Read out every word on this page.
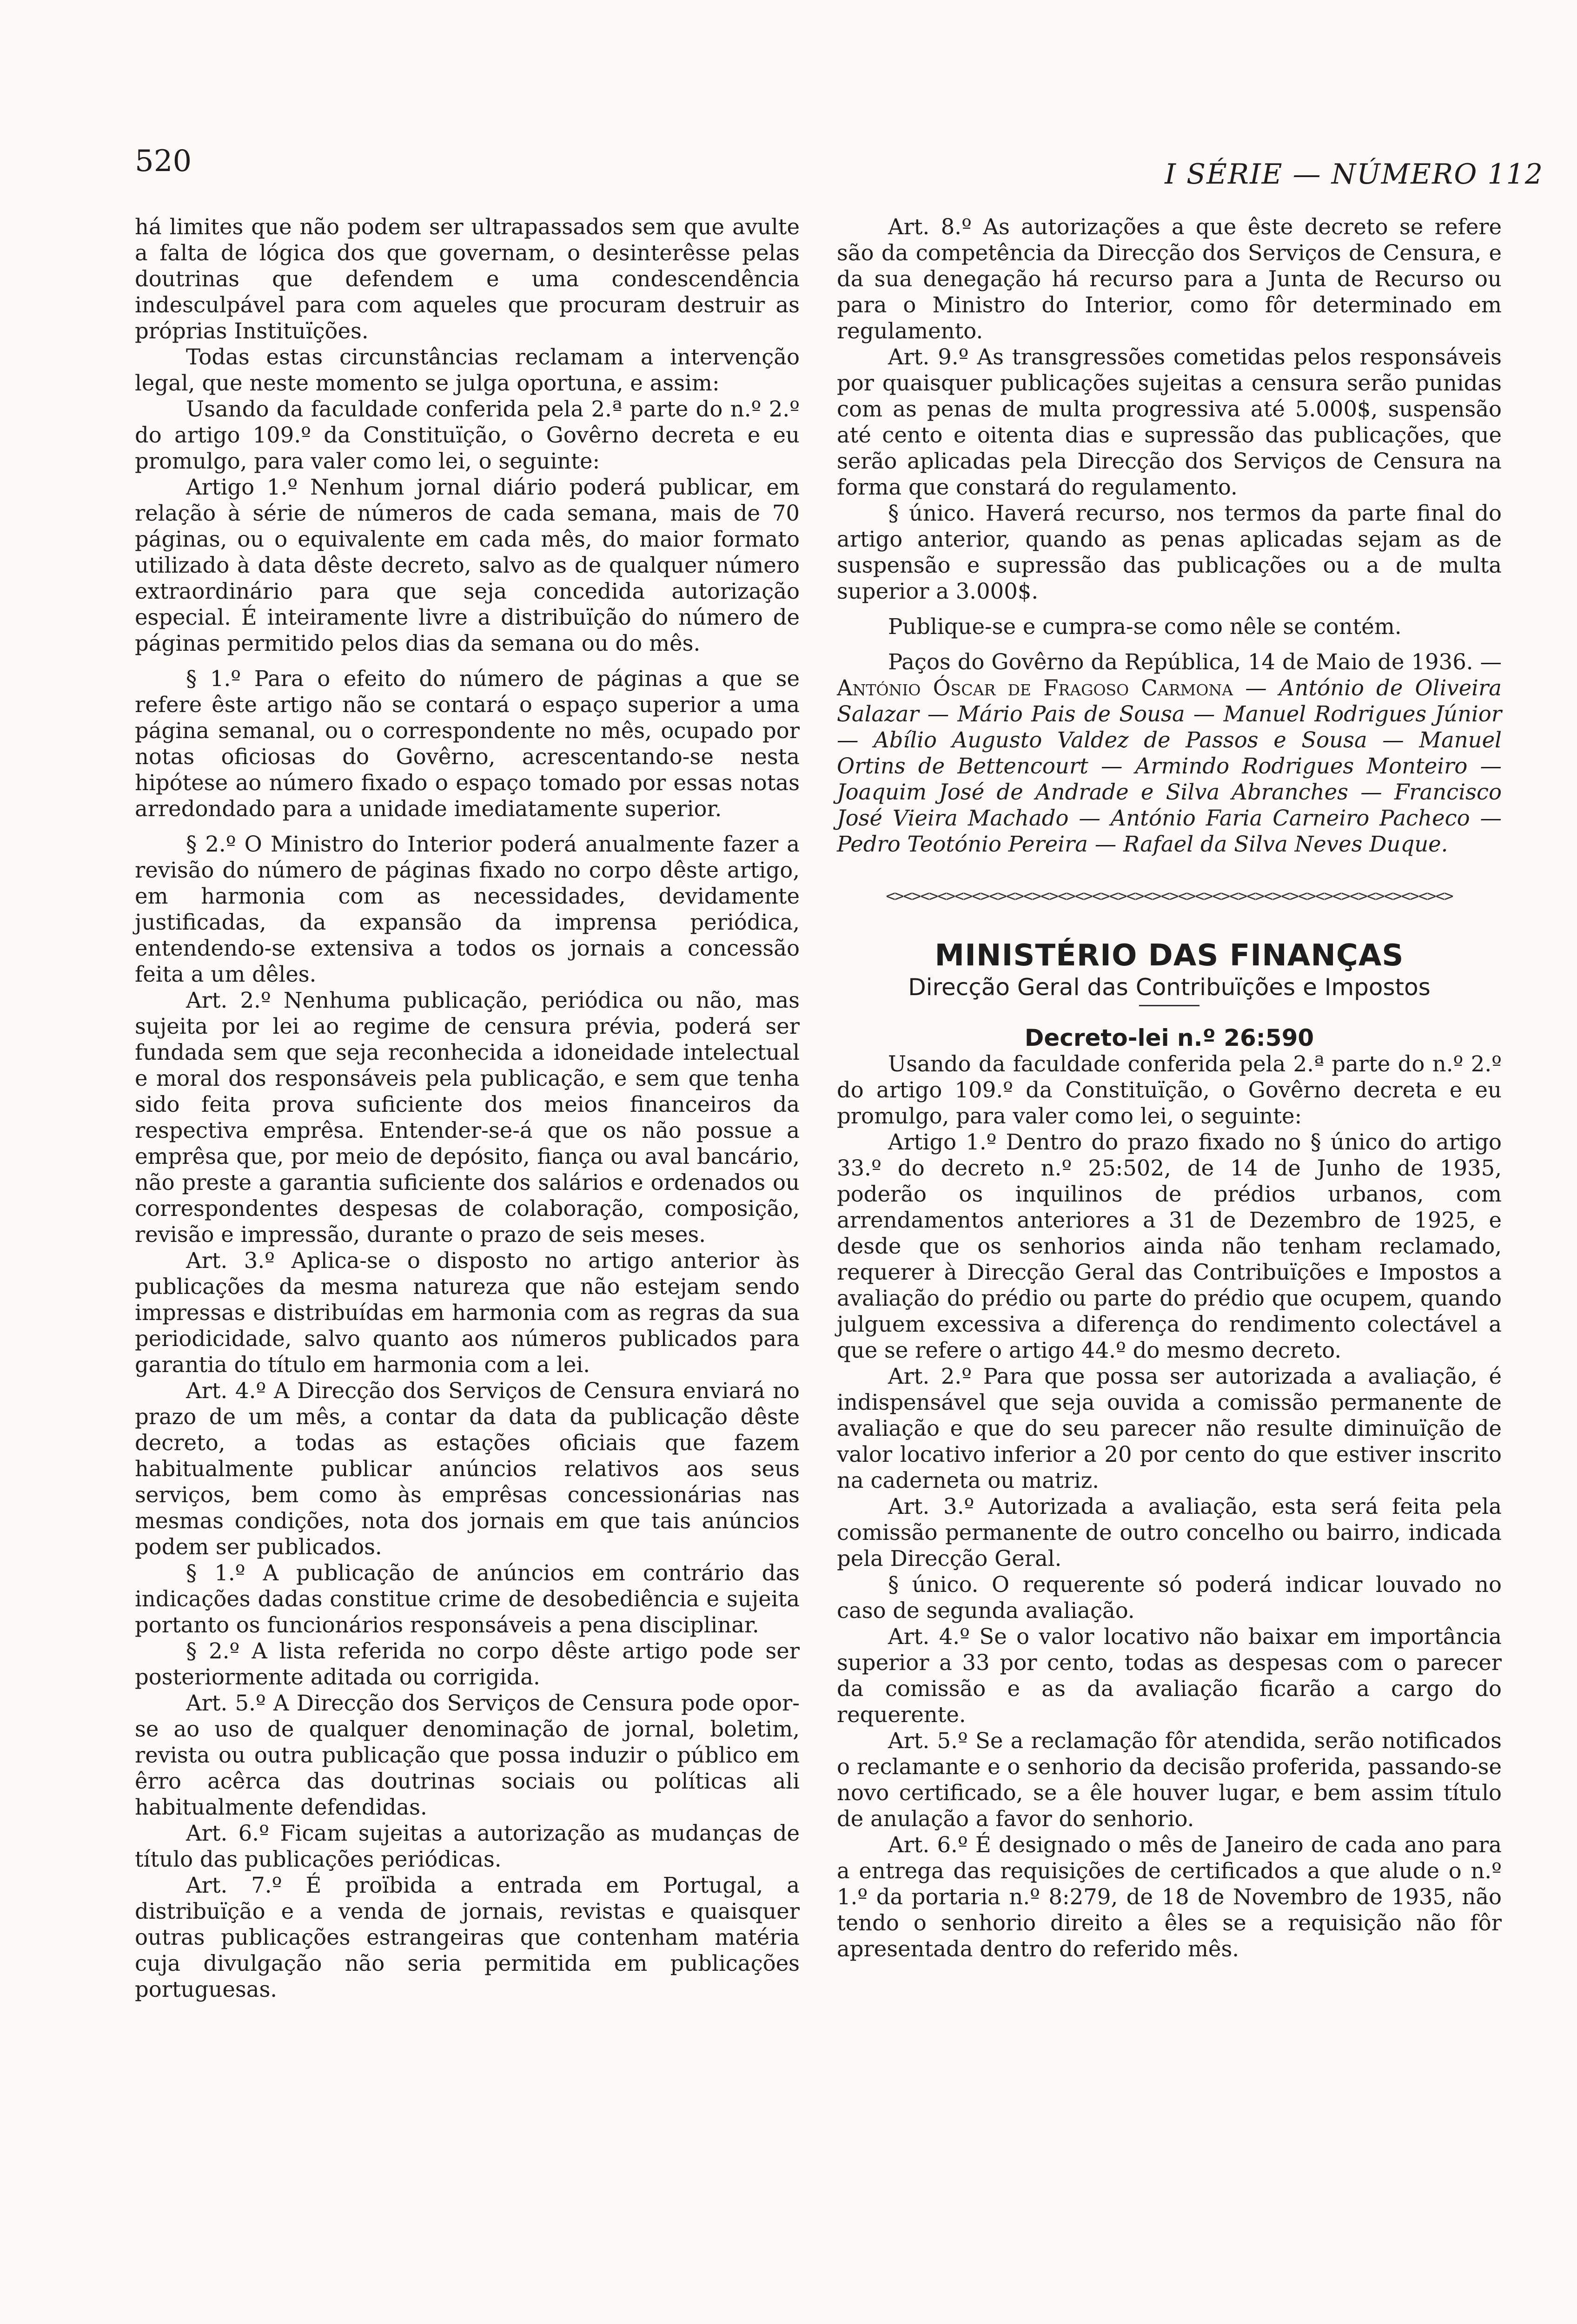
520	I SÉRIE — NÚMERO 112

há limites que não podem ser ultrapassados sem que avulte a falta de lógica dos que governam, o desinterêsse pelas doutrinas que defendem e uma condescendência indesculpável para com aqueles que procuram destruir as próprias Instituïções.

Todas estas circunstâncias reclamam a intervenção legal, que neste momento se julga oportuna, e assim:

Usando da faculdade conferida pela 2.ª parte do n.º 2.º do artigo 109.º da Constituïção, o Govêrno decreta e eu promulgo, para valer como lei, o seguinte:

Artigo 1.º Nenhum jornal diário poderá publicar, em relação à série de números de cada semana, mais de 70 páginas, ou o equivalente em cada mês, do maior formato utilizado à data dêste decreto, salvo as de qualquer número extraordinário para que seja concedida autorização especial. É inteiramente livre a distribuïção do número de páginas permitido pelos dias da semana ou do mês.

§ 1.º Para o efeito do número de páginas a que se refere êste artigo não se contará o espaço superior a uma página semanal, ou o correspondente no mês, ocupado por notas oficiosas do Govêrno, acrescentando-se nesta hipótese ao número fixado o espaço tomado por essas notas arredondado para a unidade imediatamente superior.

§ 2.º O Ministro do Interior poderá anualmente fazer a revisão do número de páginas fixado no corpo dêste artigo, em harmonia com as necessidades, devidamente justificadas, da expansão da imprensa periódica, entendendo-se extensiva a todos os jornais a concessão feita a um dêles.

Art. 2.º Nenhuma publicação, periódica ou não, mas sujeita por lei ao regime de censura prévia, poderá ser fundada sem que seja reconhecida a idoneidade intelectual e moral dos responsáveis pela publicação, e sem que tenha sido feita prova suficiente dos meios financeiros da respectiva emprêsa. Entender-se-á que os não possue a emprêsa que, por meio de depósito, fiança ou aval bancário, não preste a garantia suficiente dos salários e ordenados ou correspondentes despesas de colaboração, composição, revisão e impressão, durante o prazo de seis meses.

Art. 3.º Aplica-se o disposto no artigo anterior às publicações da mesma natureza que não estejam sendo impressas e distribuídas em harmonia com as regras da sua periodicidade, salvo quanto aos números publicados para garantia do título em harmonia com a lei.

Art. 4.º A Direcção dos Serviços de Censura enviará no prazo de um mês, a contar da data da publicação dêste decreto, a todas as estações oficiais que fazem habitualmente publicar anúncios relativos aos seus serviços, bem como às emprêsas concessionárias nas mesmas condições, nota dos jornais em que tais anúncios podem ser publicados.

§ 1.º A publicação de anúncios em contrário das indicações dadas constitue crime de desobediência e sujeita portanto os funcionários responsáveis a pena disciplinar.

§ 2.º A lista referida no corpo dêste artigo pode ser posteriormente aditada ou corrigida.

Art. 5.º A Direcção dos Serviços de Censura pode opor-se ao uso de qualquer denominação de jornal, boletim, revista ou outra publicação que possa induzir o público em êrro acêrca das doutrinas sociais ou políticas ali habitualmente defendidas.

Art. 6.º Ficam sujeitas a autorização as mudanças de título das publicações periódicas.

Art. 7.º É proïbida a entrada em Portugal, a distribuïção e a venda de jornais, revistas e quaisquer outras publicações estrangeiras que contenham matéria cuja divulgação não seria permitida em publicações portuguesas.

Art. 8.º As autorizações a que êste decreto se refere são da competência da Direcção dos Serviços de Censura, e da sua denegação há recurso para a Junta de Recurso ou para o Ministro do Interior, como fôr determinado em regulamento.

Art. 9.º As transgressões cometidas pelos responsáveis por quaisquer publicações sujeitas a censura serão punidas com as penas de multa progressiva até 5.000$, suspensão até cento e oitenta dias e supressão das publicações, que serão aplicadas pela Direcção dos Serviços de Censura na forma que constará do regulamento.

§ único. Haverá recurso, nos termos da parte final do artigo anterior, quando as penas aplicadas sejam as de suspensão e supressão das publicações ou a de multa superior a 3.000$.

Publique-se e cumpra-se como nêle se contém.

Paços do Govêrno da República, 14 de Maio de 1936. — António Óscar de Fragoso Carmona — António de Oliveira Salazar — Mário Pais de Sousa — Manuel Rodrigues Júnior — Abílio Augusto Valdez de Passos e Sousa — Manuel Ortins de Bettencourt — Armindo Rodrigues Monteiro — Joaquim José de Andrade e Silva Abranches — Francisco José Vieira Machado — António Faria Carneiro Pacheco — Pedro Teotónio Pereira — Rafael da Silva Neves Duque.

<><><><><><><><><><><><><><><><><><><><><><><><><><><><><><><><><>

MINISTÉRIO DAS FINANÇAS

Direcção Geral das Contribuïções e Impostos

Decreto-lei n.º 26:590

Usando da faculdade conferida pela 2.ª parte do n.º 2.º do artigo 109.º da Constituïção, o Govêrno decreta e eu promulgo, para valer como lei, o seguinte:

Artigo 1.º Dentro do prazo fixado no § único do artigo 33.º do decreto n.º 25:502, de 14 de Junho de 1935, poderão os inquilinos de prédios urbanos, com arrendamentos anteriores a 31 de Dezembro de 1925, e desde que os senhorios ainda não tenham reclamado, requerer à Direcção Geral das Contribuïções e Impostos a avaliação do prédio ou parte do prédio que ocupem, quando julguem excessiva a diferença do rendimento colectável a que se refere o artigo 44.º do mesmo decreto.

Art. 2.º Para que possa ser autorizada a avaliação, é indispensável que seja ouvida a comissão permanente de avaliação e que do seu parecer não resulte diminuïção de valor locativo inferior a 20 por cento do que estiver inscrito na caderneta ou matriz.

Art. 3.º Autorizada a avaliação, esta será feita pela comissão permanente de outro concelho ou bairro, indicada pela Direcção Geral.

§ único. O requerente só poderá indicar louvado no caso de segunda avaliação.

Art. 4.º Se o valor locativo não baixar em importância superior a 33 por cento, todas as despesas com o parecer da comissão e as da avaliação ficarão a cargo do requerente.

Art. 5.º Se a reclamação fôr atendida, serão notificados o reclamante e o senhorio da decisão proferida, passando-se novo certificado, se a êle houver lugar, e bem assim título de anulação a favor do senhorio.

Art. 6.º É designado o mês de Janeiro de cada ano para a entrega das requisições de certificados a que alude o n.º 1.º da portaria n.º 8:279, de 18 de Novembro de 1935, não tendo o senhorio direito a êles se a requisição não fôr apresentada dentro do referido mês.
